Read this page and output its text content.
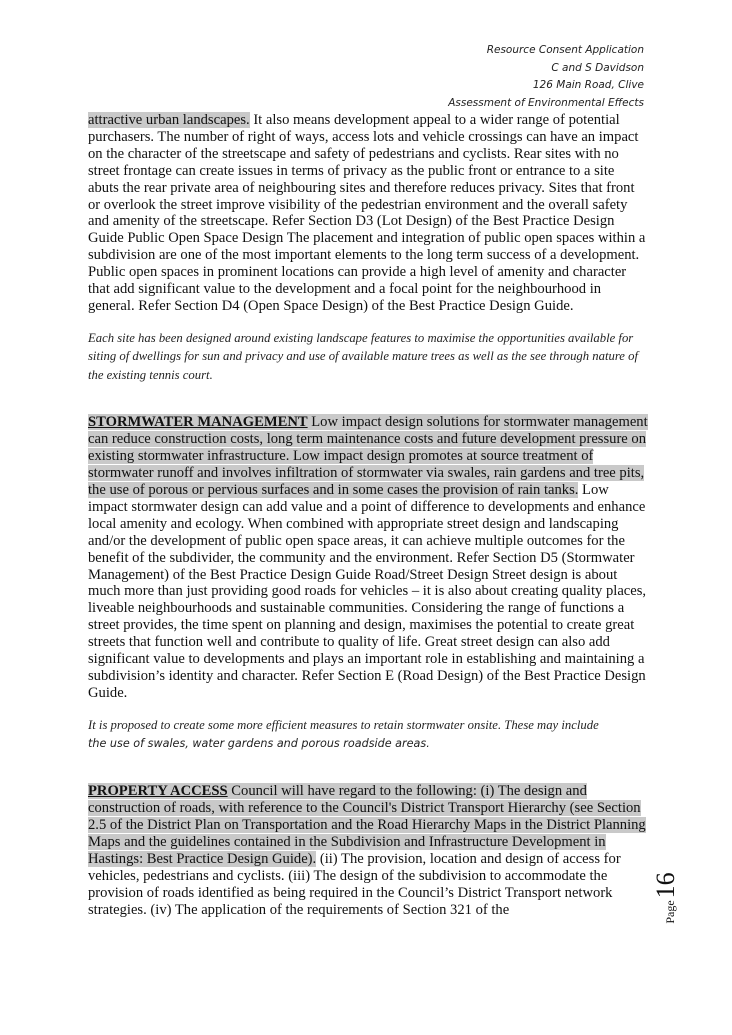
Resource Consent Application
C and S Davidson
126 Main Road, Clive
Assessment of Environmental Effects

attractive urban landscapes. It also means development appeal to a wider range of potential purchasers. The number of right of ways, access lots and vehicle crossings can have an impact on the character of the streetscape and safety of pedestrians and cyclists. Rear sites with no street frontage can create issues in terms of privacy as the public front or entrance to a site abuts the rear private area of neighbouring sites and therefore reduces privacy. Sites that front or overlook the street improve visibility of the pedestrian environment and the overall safety and amenity of the streetscape. Refer Section D3 (Lot Design) of the Best Practice Design Guide Public Open Space Design The placement and integration of public open spaces within a subdivision are one of the most important elements to the long term success of a development. Public open spaces in prominent locations can provide a high level of amenity and character that add significant value to the development and a focal point for the neighbourhood in general. Refer Section D4 (Open Space Design) of the Best Practice Design Guide.

Each site has been designed around existing landscape features to maximise the opportunities available for siting of dwellings for sun and privacy and use of available mature trees as well as the see through nature of the existing tennis court.

STORMWATER MANAGEMENT Low impact design solutions for stormwater management can reduce construction costs, long term maintenance costs and future development pressure on existing stormwater infrastructure. Low impact design promotes at source treatment of stormwater runoff and involves infiltration of stormwater via swales, rain gardens and tree pits, the use of porous or pervious surfaces and in some cases the provision of rain tanks. Low impact stormwater design can add value and a point of difference to developments and enhance local amenity and ecology. When combined with appropriate street design and landscaping and/or the development of public open space areas, it can achieve multiple outcomes for the benefit of the subdivider, the community and the environment. Refer Section D5 (Stormwater Management) of the Best Practice Design Guide Road/Street Design Street design is about much more than just providing good roads for vehicles – it is also about creating quality places, liveable neighbourhoods and sustainable communities. Considering the range of functions a street provides, the time spent on planning and design, maximises the potential to create great streets that function well and contribute to quality of life. Great street design can also add significant value to developments and plays an important role in establishing and maintaining a subdivision’s identity and character. Refer Section E (Road Design) of the Best Practice Design Guide.

It is proposed to create some more efficient measures to retain stormwater onsite. These may include
the use of swales, water gardens and porous roadside areas.

PROPERTY ACCESS Council will have regard to the following: (i) The design and construction of roads, with reference to the Council's District Transport Hierarchy (see Section 2.5 of the District Plan on Transportation and the Road Hierarchy Maps in the District Planning Maps and the guidelines contained in the Subdivision and Infrastructure Development in Hastings: Best Practice Design Guide). (ii) The provision, location and design of access for vehicles, pedestrians and cyclists. (iii) The design of the subdivision to accommodate the provision of roads identified as being required in the Council’s District Transport network strategies. (iv) The application of the requirements of Section 321 of the	Page
16
